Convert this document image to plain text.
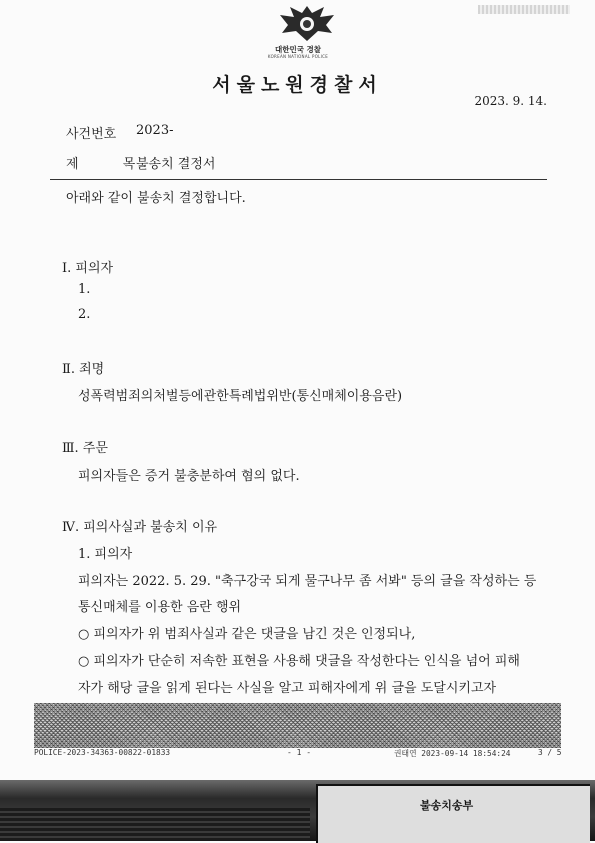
대한민국 경찰
KOREAN NATIONAL POLICE
서울노원경찰서
2023. 9. 14.
사건번호 2023-
제 목
불송치 결정서
아래와 같이 불송치 결정합니다.
Ⅰ. 피의자
1.
2.
Ⅱ. 죄명
성폭력범죄의처벌등에관한특례법위반(통신매체이용음란)
Ⅲ. 주문
피의자들은 증거 불충분하여 혐의 없다.
Ⅳ. 피의사실과 불송치 이유
1. 피의자
피의자는 2022. 5. 29. "축구강국 되게 물구나무 좀 서봐" 등의 글을 작성하는 등
통신매체를 이용한 음란 행위
○ 피의자가 위 범죄사실과 같은 댓글을 남긴 것은 인정되나,
○ 피의자가 단순히 저속한 표현을 사용해 댓글을 작성한다는 인식을 넘어 피해
자가 해당 글을 읽게 된다는 사실을 알고 피해자에게 위 글을 도달시키고자
POLICE-2023-34363-00822-01833	- 1 -	권태연 2023-09-14 18:54:24	3 / 5
불송치송부
